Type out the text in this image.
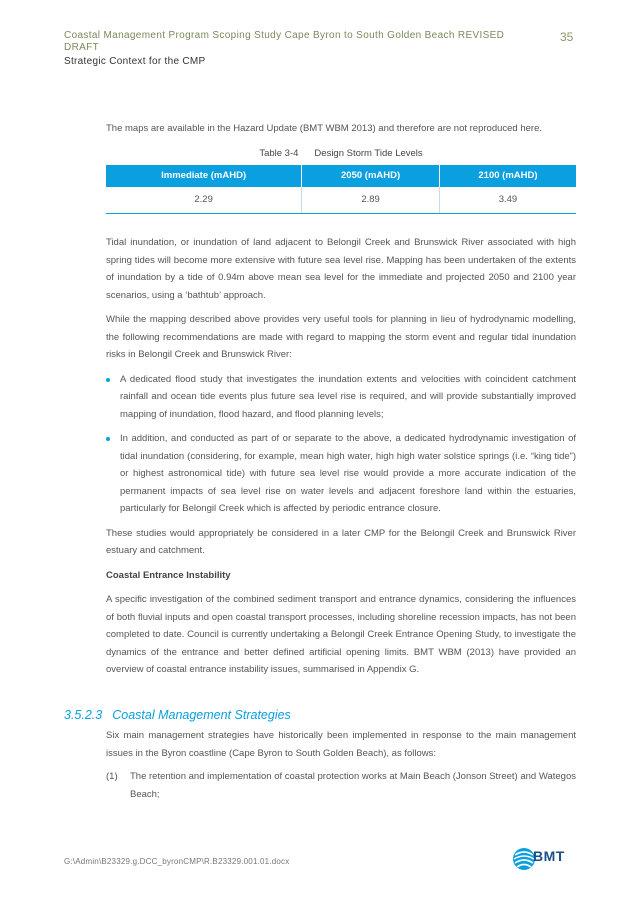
Coastal Management Program Scoping Study Cape Byron to South Golden Beach REVISED DRAFT
35
Strategic Context for the CMP

The maps are available in the Hazard Update (BMT WBM 2013) and therefore are not reproduced here.

Table 3-4 Design Storm Tide Levels
Immediate (mAHD)	2050 (mAHD)	2100 (mAHD)
2.29	2.89	3.49

Tidal inundation, or inundation of land adjacent to Belongil Creek and Brunswick River associated with high spring tides will become more extensive with future sea level rise. Mapping has been undertaken of the extents of inundation by a tide of 0.94m above mean sea level for the immediate and projected 2050 and 2100 year scenarios, using a ‘bathtub’ approach.

While the mapping described above provides very useful tools for planning in lieu of hydrodynamic modelling, the following recommendations are made with regard to mapping the storm event and regular tidal inundation risks in Belongil Creek and Brunswick River:

A dedicated flood study that investigates the inundation extents and velocities with coincident catchment rainfall and ocean tide events plus future sea level rise is required, and will provide substantially improved mapping of inundation, flood hazard, and flood planning levels;
In addition, and conducted as part of or separate to the above, a dedicated hydrodynamic investigation of tidal inundation (considering, for example, mean high water, high high water solstice springs (i.e. “king tide”) or highest astronomical tide) with future sea level rise would provide a more accurate indication of the permanent impacts of sea level rise on water levels and adjacent foreshore land within the estuaries, particularly for Belongil Creek which is affected by periodic entrance closure.

These studies would appropriately be considered in a later CMP for the Belongil Creek and Brunswick River estuary and catchment.

Coastal Entrance Instability

A specific investigation of the combined sediment transport and entrance dynamics, considering the influences of both fluvial inputs and open coastal transport processes, including shoreline recession impacts, has not been completed to date. Council is currently undertaking a Belongil Creek Entrance Opening Study, to investigate the dynamics of the entrance and better defined artificial opening limits. BMT WBM (2013) have provided an overview of coastal entrance instability issues, summarised in Appendix G.

3.5.2.3 Coastal Management Strategies

Six main management strategies have historically been implemented in response to the main management issues in the Byron coastline (Cape Byron to South Golden Beach), as follows:

(1) The retention and implementation of coastal protection works at Main Beach (Jonson Street) and Wategos Beach;
G:\Admin\B23329.g.DCC_byronCMP\R.B23329.001.01.docx	BMT
